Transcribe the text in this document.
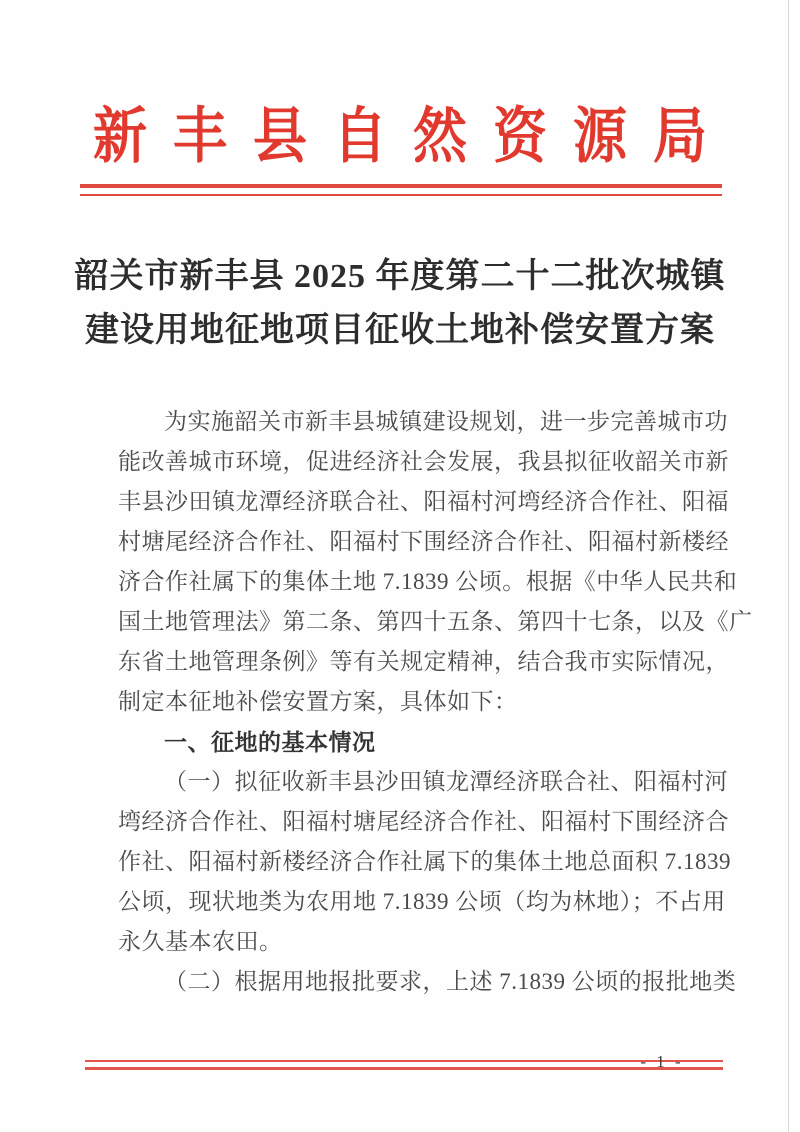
新丰县自然资源局
韶关市新丰县 2025 年度第二十二批次城镇
建设用地征地项目征收土地补偿安置方案
为实施韶关市新丰县城镇建设规划，进一步完善城市功
能改善城市环境，促进经济社会发展，我县拟征收韶关市新
丰县沙田镇龙潭经济联合社、阳福村河塆经济合作社、阳福
村塘尾经济合作社、阳福村下围经济合作社、阳福村新楼经
济合作社属下的集体土地 7.1839 公顷。根据《中华人民共和
国土地管理法》第二条、第四十五条、第四十七条，以及《广
东省土地管理条例》等有关规定精神，结合我市实际情况，
制定本征地补偿安置方案，具体如下：
一、征地的基本情况
（一）拟征收新丰县沙田镇龙潭经济联合社、阳福村河
塆经济合作社、阳福村塘尾经济合作社、阳福村下围经济合
作社、阳福村新楼经济合作社属下的集体土地总面积 7.1839
公顷，现状地类为农用地 7.1839 公顷（均为林地）；不占用
永久基本农田。
（二）根据用地报批要求，上述 7.1839 公顷的报批地类
- 1 -
